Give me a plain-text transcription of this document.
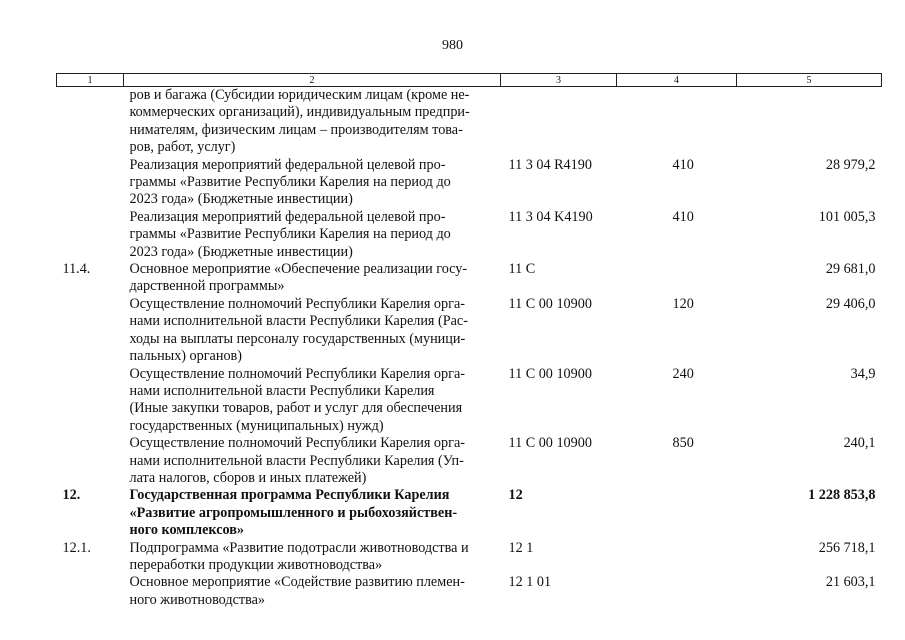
980
1	2	3	4	5
	ров и багажа (Субсидии юридическим лицам (кроме не-
коммерческих организаций), индивидуальным предпри-
нимателям, физическим лицам – производителям това-
ров, работ, услуг)			
	Реализация мероприятий федеральной целевой про-
граммы «Развитие Республики Карелия на период до
2023 года» (Бюджетные инвестиции)	11 3 04 R4190	410	28 979,2
	Реализация мероприятий федеральной целевой про-
граммы «Развитие Республики Карелия на период до
2023 года» (Бюджетные инвестиции)	11 3 04 K4190	410	101 005,3
11.4.	Основное мероприятие «Обеспечение реализации госу-
дарственной программы»	11 С		29 681,0
	Осуществление полномочий Республики Карелия орга-
нами исполнительной власти Республики Карелия (Рас-
ходы на выплаты персоналу государственных (муници-
пальных) органов)	11 С 00 10900	120	29 406,0
	Осуществление полномочий Республики Карелия орга-
нами исполнительной власти Республики Карелия
(Иные закупки товаров, работ и услуг для обеспечения
государственных (муниципальных) нужд)	11 С 00 10900	240	34,9
	Осуществление полномочий Республики Карелия орга-
нами исполнительной власти Республики Карелия (Уп-
лата налогов, сборов и иных платежей)	11 С 00 10900	850	240,1
12.	Государственная программа Республики Карелия
«Развитие агропромышленного и рыбохозяйствен-
ного комплексов»	12		1 228 853,8
12.1.	Подпрограмма «Развитие подотрасли животноводства и
переработки продукции животноводства»	12 1		256 718,1
	Основное мероприятие «Содействие развитию племен-
ного животноводства»	12 1 01		21 603,1
